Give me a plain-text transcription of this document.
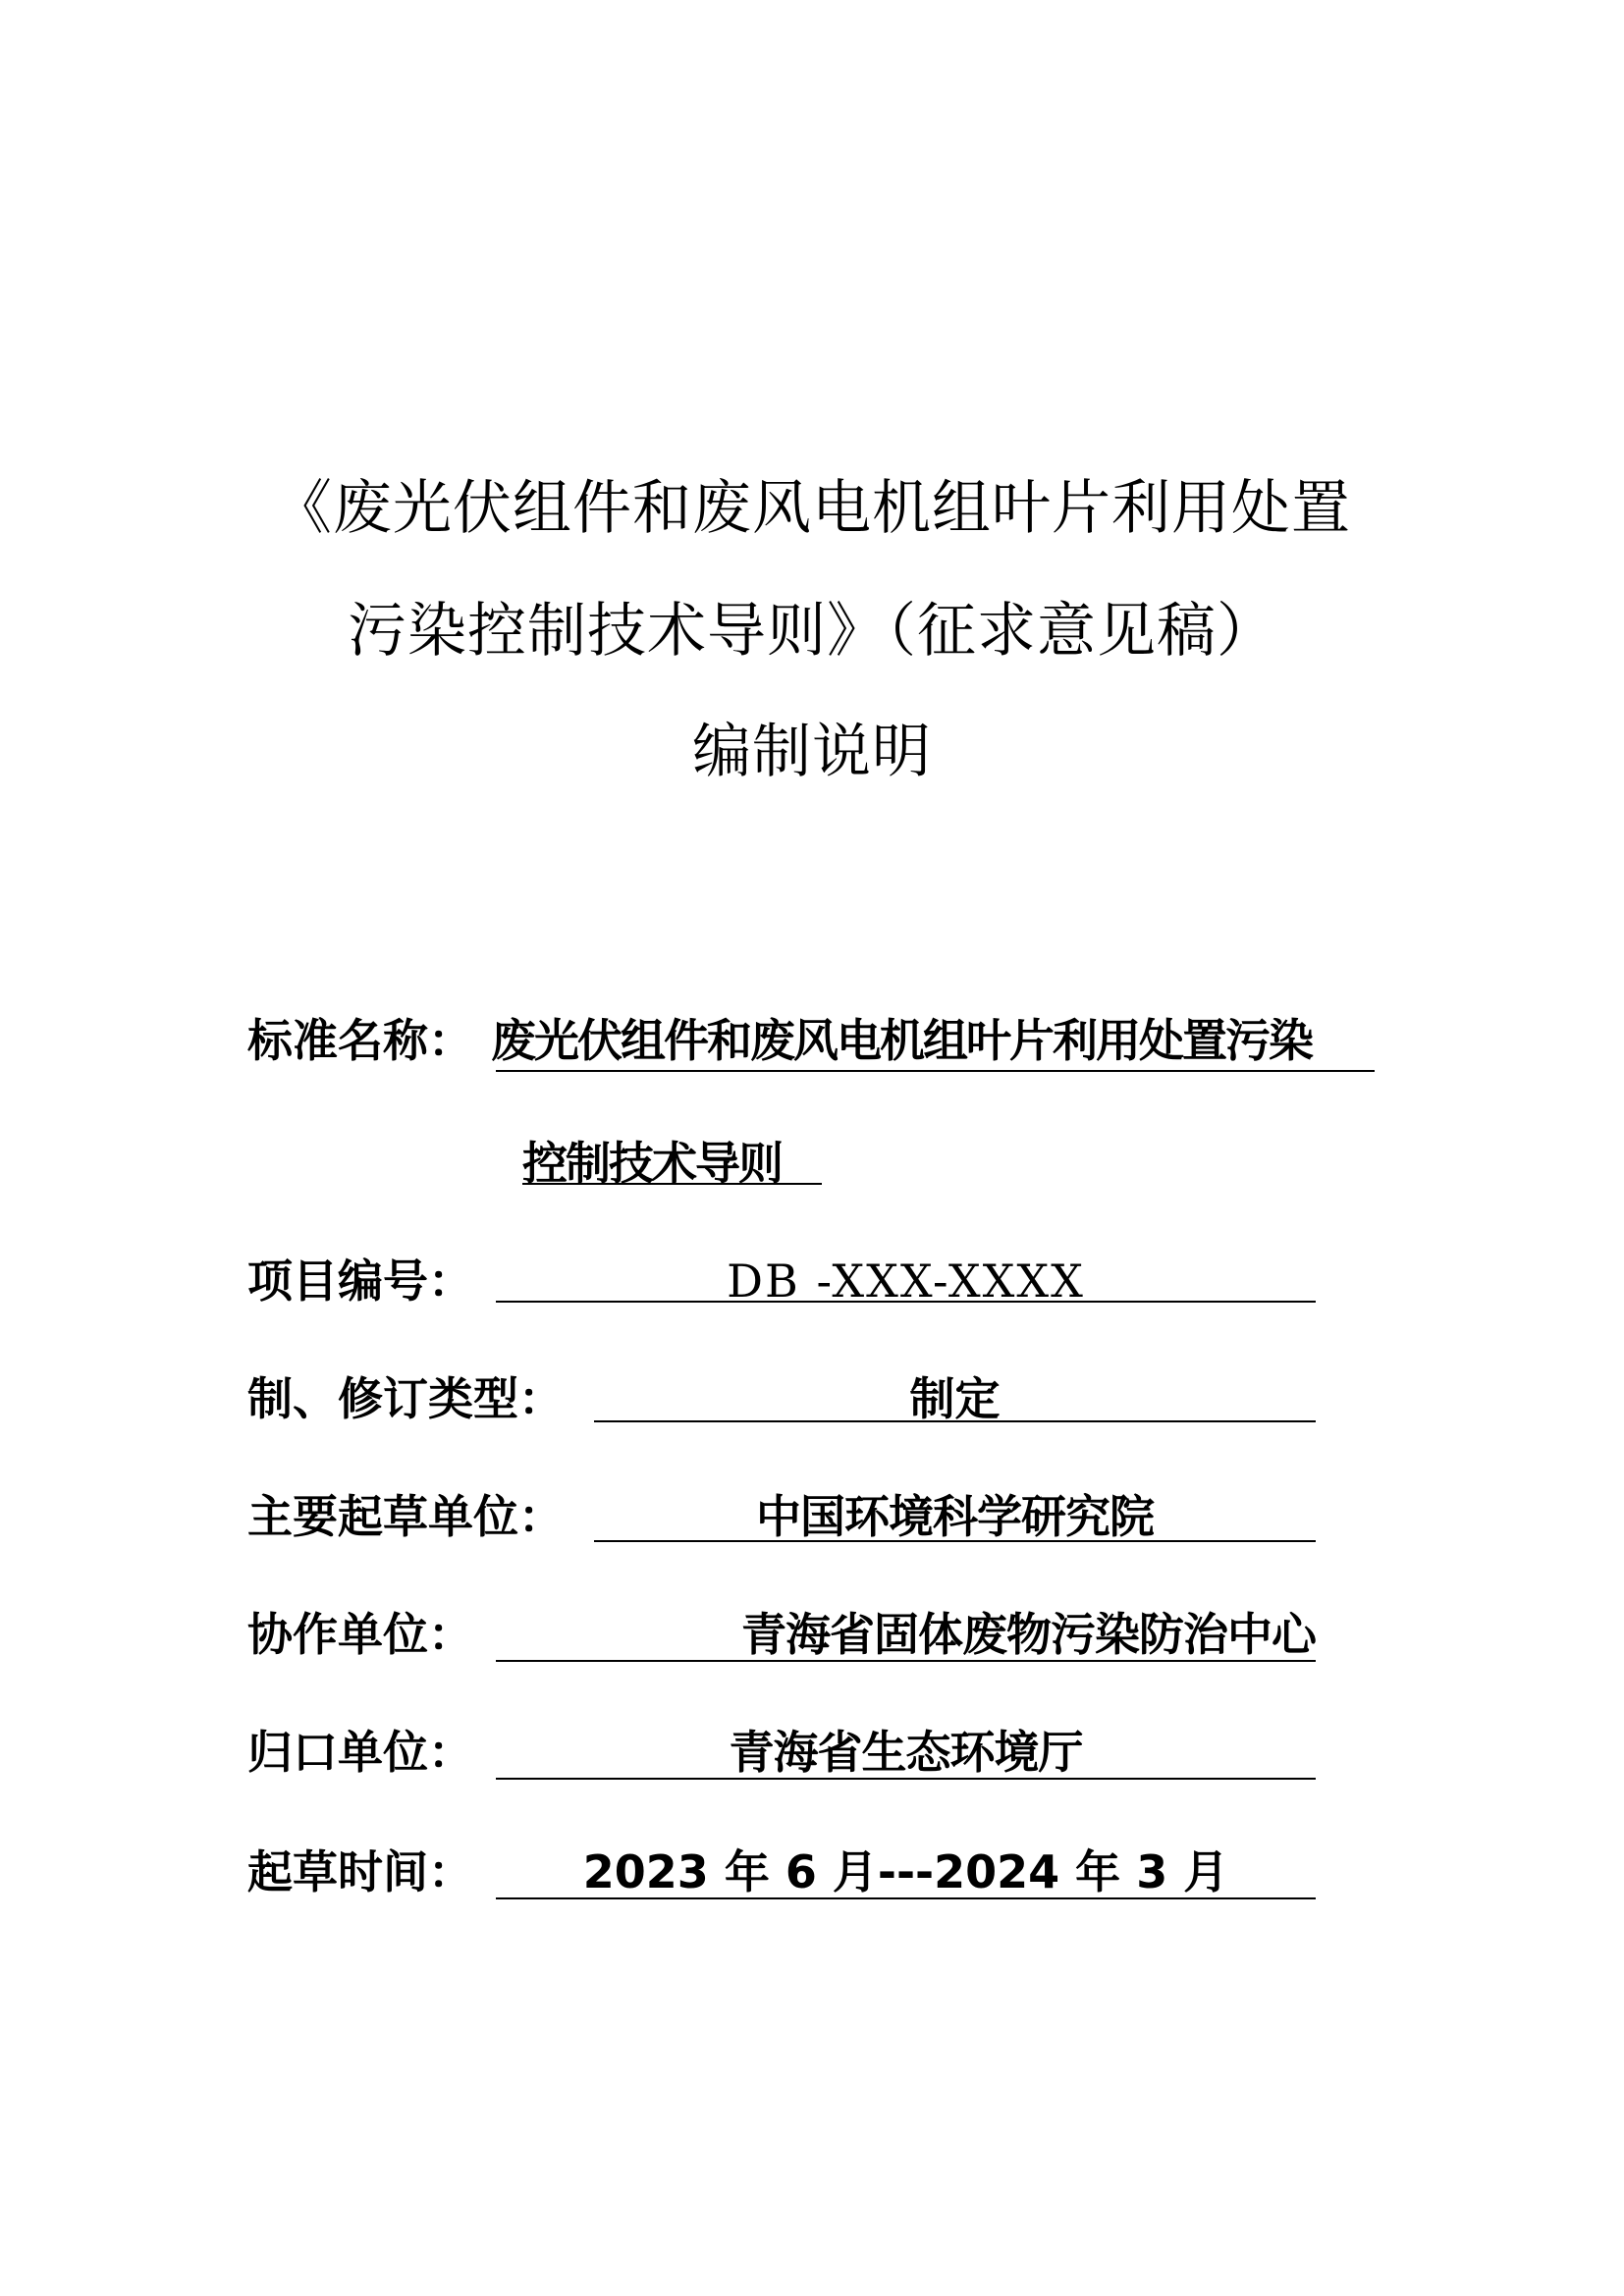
《废光伏组件和废风电机组叶片利用处置
污染控制技术导则》（征求意见稿）
编制说明
标准名称： 废光伏组件和废风电机组叶片利用处置污染
控制技术导则
项目编号：	DB -XXX-XXXX
制、修订类型：	制定
主要起草单位：	中国环境科学研究院
协作单位：	青海省固体废物污染防治中心
归口单位：	青海省生态环境厅
起草时间：	2023 年 6 月---2024 年 3 月
